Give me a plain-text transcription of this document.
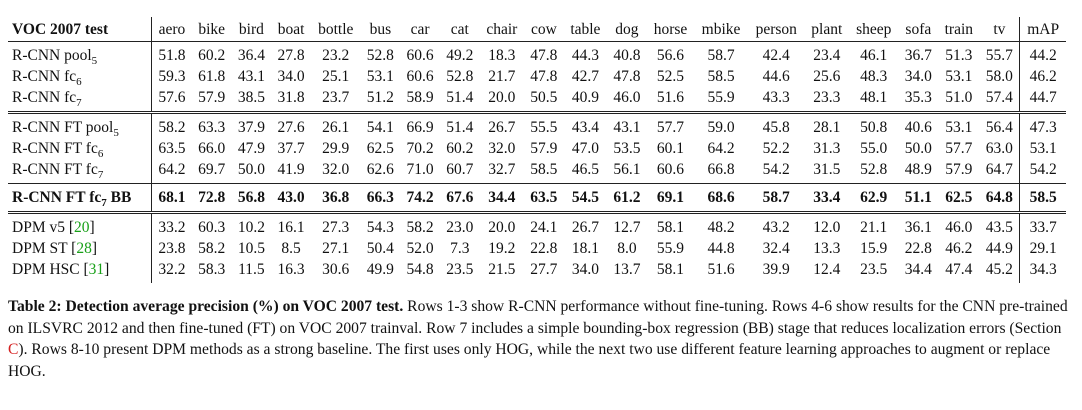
VOC 2007 test	aero	bike	bird	boat	bottle	bus	car	cat	chair	cow	table	dog	horse	mbike	person	plant	sheep	sofa	train	tv	mAP
R-CNN pool$_5$	51.8	60.2	36.4	27.8	23.2	52.8	60.6	49.2	18.3	47.8	44.3	40.8	56.6	58.7	42.4	23.4	46.1	36.7	51.3	55.7	44.2
R-CNN $fc_6$	59.3	61.8	43.1	34.0	25.1	53.1	60.6	52.8	21.7	47.8	42.7	47.8	52.5	58.5	44.6	25.6	48.3	34.0	53.1	58.0	46.2
R-CNN $fc_7$	57.6	57.9	38.5	31.8	23.7	51.2	58.9	51.4	20.0	50.5	40.9	46.0	51.6	55.9	43.3	23.3	48.1	35.3	51.0	57.4	44.7
R-CNN FT pool$_5$	58.2	63.3	37.9	27.6	26.1	54.1	66.9	51.4	26.7	55.5	43.4	43.1	57.7	59.0	45.8	28.1	50.8	40.6	53.1	56.4	47.3
R-CNN FT $fc_6$	63.5	66.0	47.9	37.7	29.9	62.5	70.2	60.2	32.0	57.9	47.0	53.5	60.1	64.2	52.2	31.3	55.0	50.0	57.7	63.0	53.1
R-CNN FT $fc_7$	64.2	69.7	50.0	41.9	32.0	62.6	71.0	60.7	32.7	58.5	46.5	56.1	60.6	66.8	54.2	31.5	52.8	48.9	57.9	64.7	54.2
R-CNN FT $fc_7$ BB	68.1	72.8	56.8	43.0	36.8	66.3	74.2	67.6	34.4	63.5	54.5	61.2	69.1	68.6	58.7	33.4	62.9	51.1	62.5	64.8	58.5
DPM v5 [20]	33.2	60.3	10.2	16.1	27.3	54.3	58.2	23.0	20.0	24.1	26.7	12.7	58.1	48.2	43.2	12.0	21.1	36.1	46.0	43.5	33.7
DPM ST [28]	23.8	58.2	10.5	8.5	27.1	50.4	52.0	7.3	19.2	22.8	18.1	8.0	55.9	44.8	32.4	13.3	15.9	22.8	46.2	44.9	29.1
DPM HSC [31]	32.2	58.3	11.5	16.3	30.6	49.9	54.8	23.5	21.5	27.7	34.0	13.7	58.1	51.6	39.9	12.4	23.5	34.4	47.4	45.2	34.3
Table 2: Detection average precision (%) on VOC 2007 test. Rows 1-3 show R-CNN performance without fine-tuning. Rows 4-6 show results for the CNN pre-trained on ILSVRC 2012 and then fine-tuned (FT) on VOC 2007 trainval. Row 7 includes a simple bounding-box regression (BB) stage that reduces localization errors (Section C). Rows 8-10 present DPM methods as a strong baseline. The first uses only HOG, while the next two use different feature learning approaches to augment or replace HOG.
